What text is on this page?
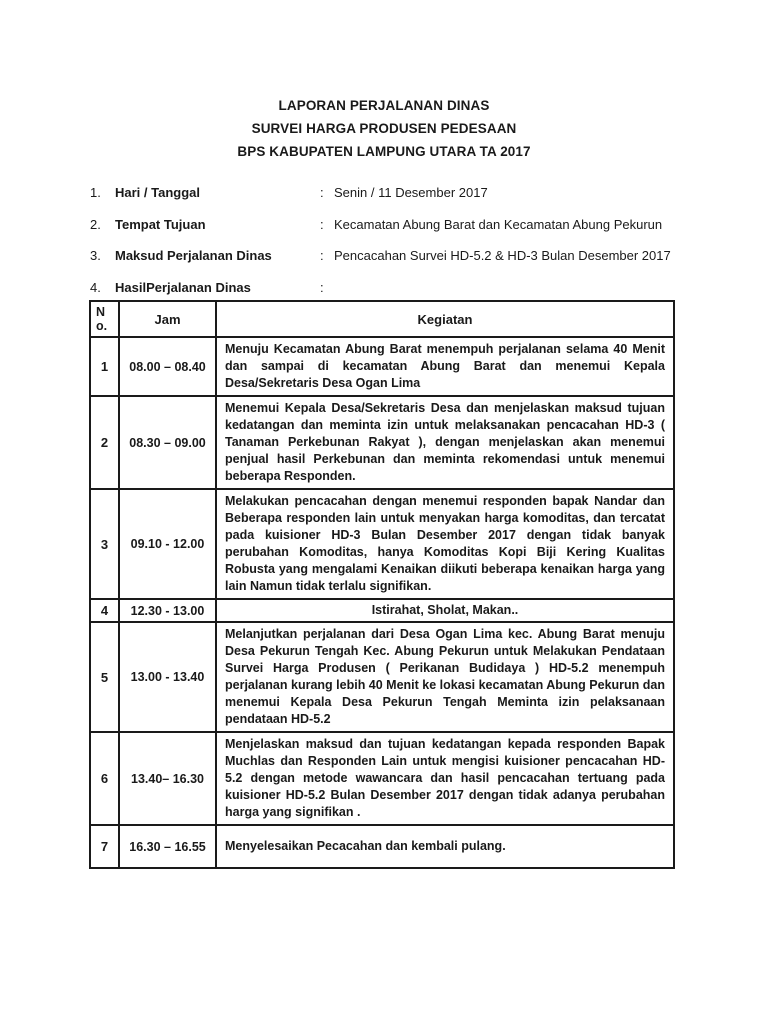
LAPORAN PERJALANAN DINAS
SURVEI HARGA PRODUSEN PEDESAAN
BPS KABUPATEN LAMPUNG UTARA TA 2017
1.	Hari / Tanggal	: Senin / 11 Desember 2017
2.	Tempat Tujuan	: Kecamatan Abung Barat dan Kecamatan Abung Pekurun
3.	Maksud Perjalanan Dinas	: Pencacahan Survei HD-5.2 & HD-3 Bulan Desember 2017
4.	HasilPerjalanan Dinas	:
No.	Jam	Kegiatan
1	08.00 – 08.40	Menuju Kecamatan Abung Barat menempuh perjalanan selama 40 Menit dan sampai di kecamatan Abung Barat dan menemui Kepala Desa/Sekretaris Desa Ogan Lima
2	08.30 – 09.00	Menemui Kepala Desa/Sekretaris Desa dan menjelaskan maksud tujuan kedatangan dan meminta izin untuk melaksanakan pencacahan HD-3 ( Tanaman Perkebunan Rakyat ), dengan menjelaskan akan menemui penjual hasil Perkebunan dan meminta rekomendasi untuk menemui beberapa Responden.
3	09.10 - 12.00	Melakukan pencacahan dengan menemui responden bapak Nandar dan Beberapa responden lain untuk menyakan harga komoditas, dan tercatat pada kuisioner HD-3 Bulan Desember 2017 dengan tidak banyak perubahan Komoditas, hanya Komoditas Kopi Biji Kering Kualitas Robusta yang mengalami Kenaikan diikuti beberapa kenaikan harga yang lain Namun tidak terlalu signifikan.
4	12.30 - 13.00	Istirahat, Sholat, Makan..
5	13.00 - 13.40	Melanjutkan perjalanan dari Desa Ogan Lima kec. Abung Barat menuju Desa Pekurun Tengah Kec. Abung Pekurun untuk Melakukan Pendataan Survei Harga Produsen ( Perikanan Budidaya ) HD-5.2 menempuh perjalanan kurang lebih 40 Menit ke lokasi kecamatan Abung Pekurun dan menemui Kepala Desa Pekurun Tengah Meminta izin pelaksanaan pendataan HD-5.2
6	13.40– 16.30	Menjelaskan maksud dan tujuan kedatangan kepada responden Bapak Muchlas dan Responden Lain untuk mengisi kuisioner pencacahan HD-5.2 dengan metode wawancara dan hasil pencacahan tertuang pada kuisioner HD-5.2 Bulan Desember 2017 dengan tidak adanya perubahan harga yang signifikan .
7	16.30 – 16.55	Menyelesaikan Pecacahan dan kembali pulang.
